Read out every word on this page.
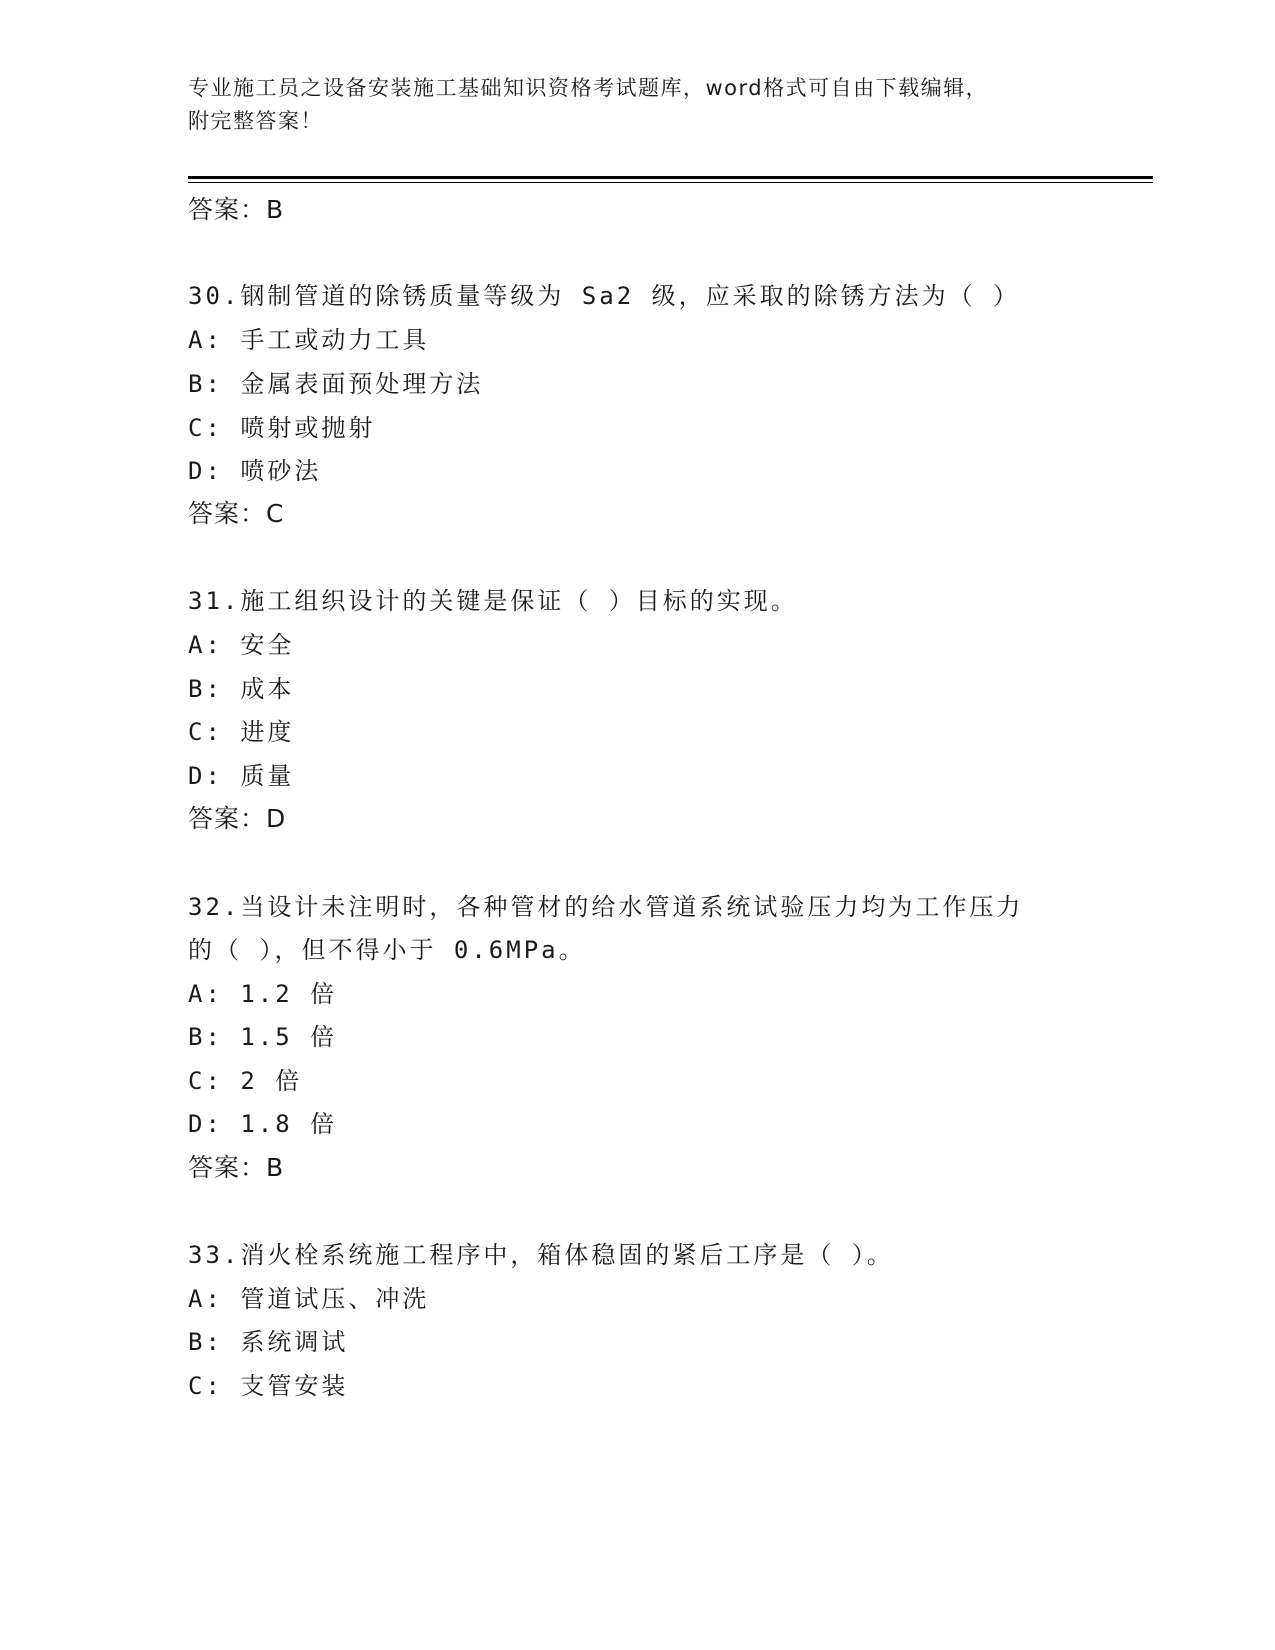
专业施工员之设备安装施工基础知识资格考试题库，word格式可自由下载编辑，
附完整答案！
答案：B
30.钢制管道的除锈质量等级为 Sa2 级，应采取的除锈方法为（ ）
A: 手工或动力工具
B: 金属表面预处理方法
C: 喷射或抛射
D: 喷砂法
答案：C
31.施工组织设计的关键是保证（ ）目标的实现。
A: 安全
B: 成本
C: 进度
D: 质量
答案：D
32.当设计未注明时，各种管材的给水管道系统试验压力均为工作压力
的（ ），但不得小于 0.6MPa。
A: 1.2 倍
B: 1.5 倍
C: 2 倍
D: 1.8 倍
答案：B
33.消火栓系统施工程序中，箱体稳固的紧后工序是（ ）。
A: 管道试压、冲洗
B: 系统调试
C: 支管安装
